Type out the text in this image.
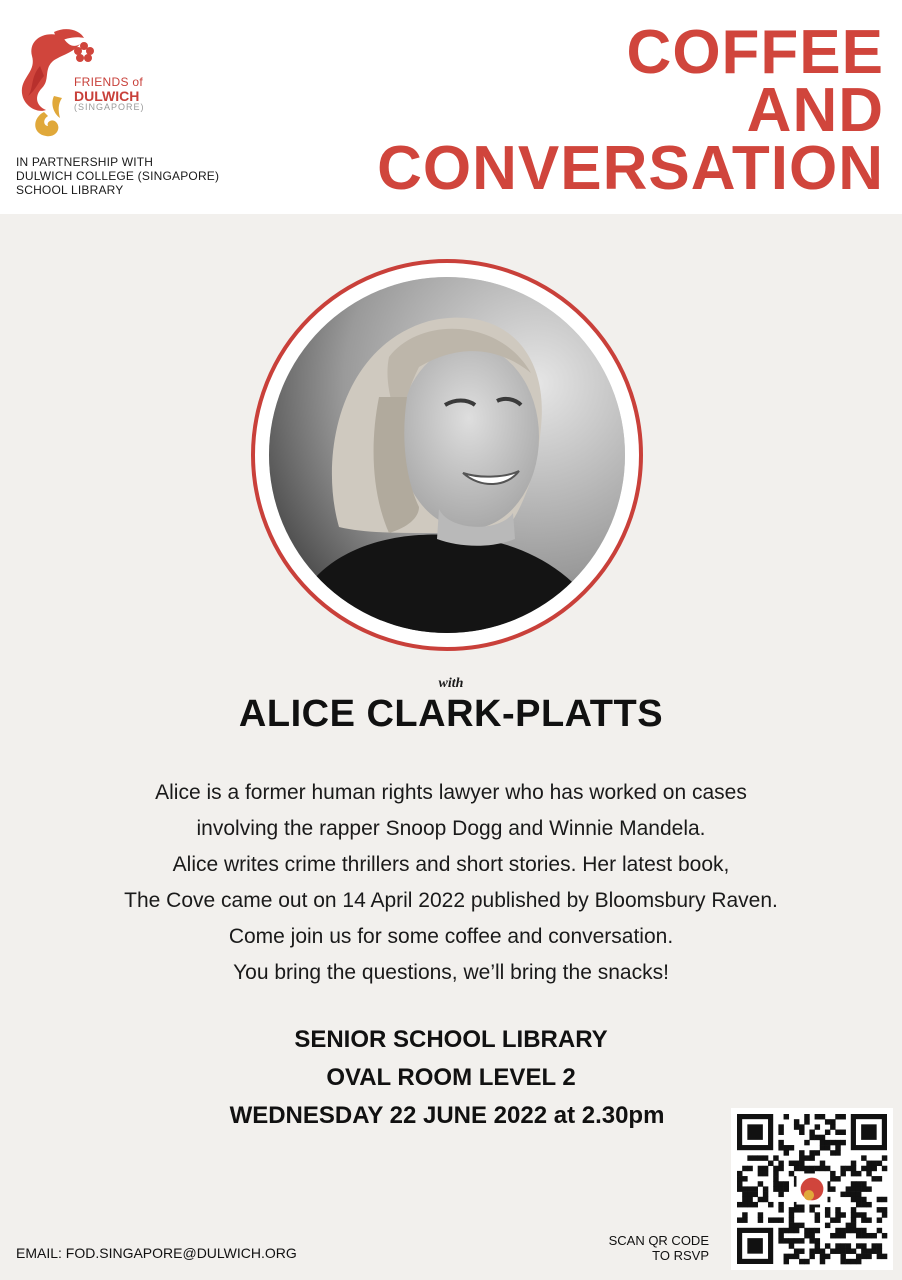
FRIENDS of
DULWICH
(SINGAPORE)
IN PARTNERSHIP WITH
DULWICH COLLEGE (SINGAPORE)
SCHOOL LIBRARY
COFFEE
AND
CONVERSATION
with
ALICE CLARK-PLATTS
Alice is a former human rights lawyer who has worked on cases
involving the rapper Snoop Dogg and Winnie Mandela.
Alice writes crime thrillers and short stories. Her latest book,
The Cove came out on 14 April 2022 published by Bloomsbury Raven.
Come join us for some coffee and conversation.
You bring the questions, we’ll bring the snacks!
SENIOR SCHOOL LIBRARY
OVAL ROOM LEVEL 2
WEDNESDAY 22 JUNE 2022 at 2.30pm
SCAN QR CODE
TO RSVP
EMAIL: FOD.SINGAPORE@DULWICH.ORG
